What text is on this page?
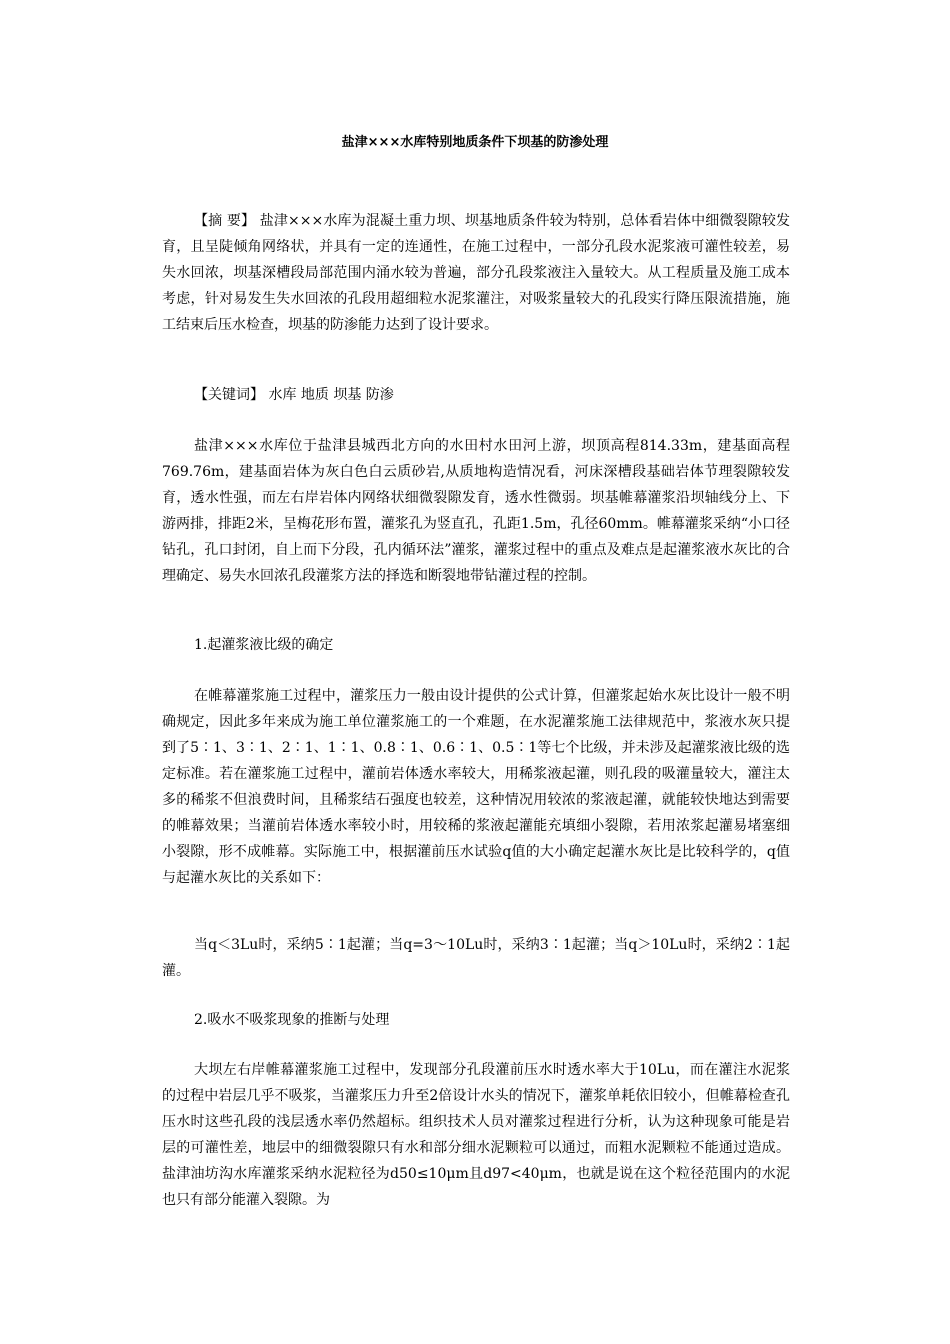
盐津×××水库特别地质条件下坝基的防渗处理

【摘 要】 盐津×××水库为混凝土重力坝、坝基地质条件较为特别，总体看岩体中细微裂隙较发育，且呈陡倾角网络状，并具有一定的连通性，在施工过程中，一部分孔段水泥浆液可灌性较差，易失水回浓，坝基深槽段局部范围内涌水较为普遍，部分孔段浆液注入量较大。从工程质量及施工成本考虑，针对易发生失水回浓的孔段用超细粒水泥浆灌注，对吸浆量较大的孔段实行降压限流措施，施工结束后压水检查，坝基的防渗能力达到了设计要求。

【关键词】 水库 地质 坝基 防渗

盐津×××水库位于盐津县城西北方向的水田村水田河上游，坝顶高程814.33m，建基面高程769.76m，建基面岩体为灰白色白云质砂岩,从质地构造情况看，河床深槽段基础岩体节理裂隙较发育，透水性强，而左右岸岩体内网络状细微裂隙发育，透水性微弱。坝基帷幕灌浆沿坝轴线分上、下游两排，排距2米，呈梅花形布置，灌浆孔为竖直孔，孔距1.5m，孔径60mm。帷幕灌浆采纳“小口径钻孔，孔口封闭，自上而下分段，孔内循环法”灌浆，灌浆过程中的重点及难点是起灌浆液水灰比的合理确定、易失水回浓孔段灌浆方法的择选和断裂地带钻灌过程的控制。

1.起灌浆液比级的确定

在帷幕灌浆施工过程中，灌浆压力一般由设计提供的公式计算，但灌浆起始水灰比设计一般不明确规定，因此多年来成为施工单位灌浆施工的一个难题，在水泥灌浆施工法律规范中，浆液水灰只提到了5∶1、3∶1、2∶1、1∶1、0.8∶1、0.6∶1、0.5∶1等七个比级，并未涉及起灌浆液比级的选定标准。若在灌浆施工过程中，灌前岩体透水率较大，用稀浆液起灌，则孔段的吸灌量较大，灌注太多的稀浆不但浪费时间，且稀浆结石强度也较差，这种情况用较浓的浆液起灌，就能较快地达到需要的帷幕效果；当灌前岩体透水率较小时，用较稀的浆液起灌能充填细小裂隙，若用浓浆起灌易堵塞细小裂隙，形不成帷幕。实际施工中，根据灌前压水试验q值的大小确定起灌水灰比是比较科学的，q值与起灌水灰比的关系如下：

当q＜3Lu时，采纳5∶1起灌；当q=3～10Lu时，采纳3∶1起灌；当q＞10Lu时，采纳2∶1起灌。

2.吸水不吸浆现象的推断与处理

大坝左右岸帷幕灌浆施工过程中，发现部分孔段灌前压水时透水率大于10Lu，而在灌注水泥浆的过程中岩层几乎不吸浆，当灌浆压力升至2倍设计水头的情况下，灌浆单耗依旧较小，但帷幕检查孔压水时这些孔段的浅层透水率仍然超标。组织技术人员对灌浆过程进行分析，认为这种现象可能是岩层的可灌性差，地层中的细微裂隙只有水和部分细水泥颗粒可以通过，而粗水泥颗粒不能通过造成。盐津油坊沟水库灌浆采纳水泥粒径为d50≤10μm且d97<40μm，也就是说在这个粒径范围内的水泥也只有部分能灌入裂隙。为
